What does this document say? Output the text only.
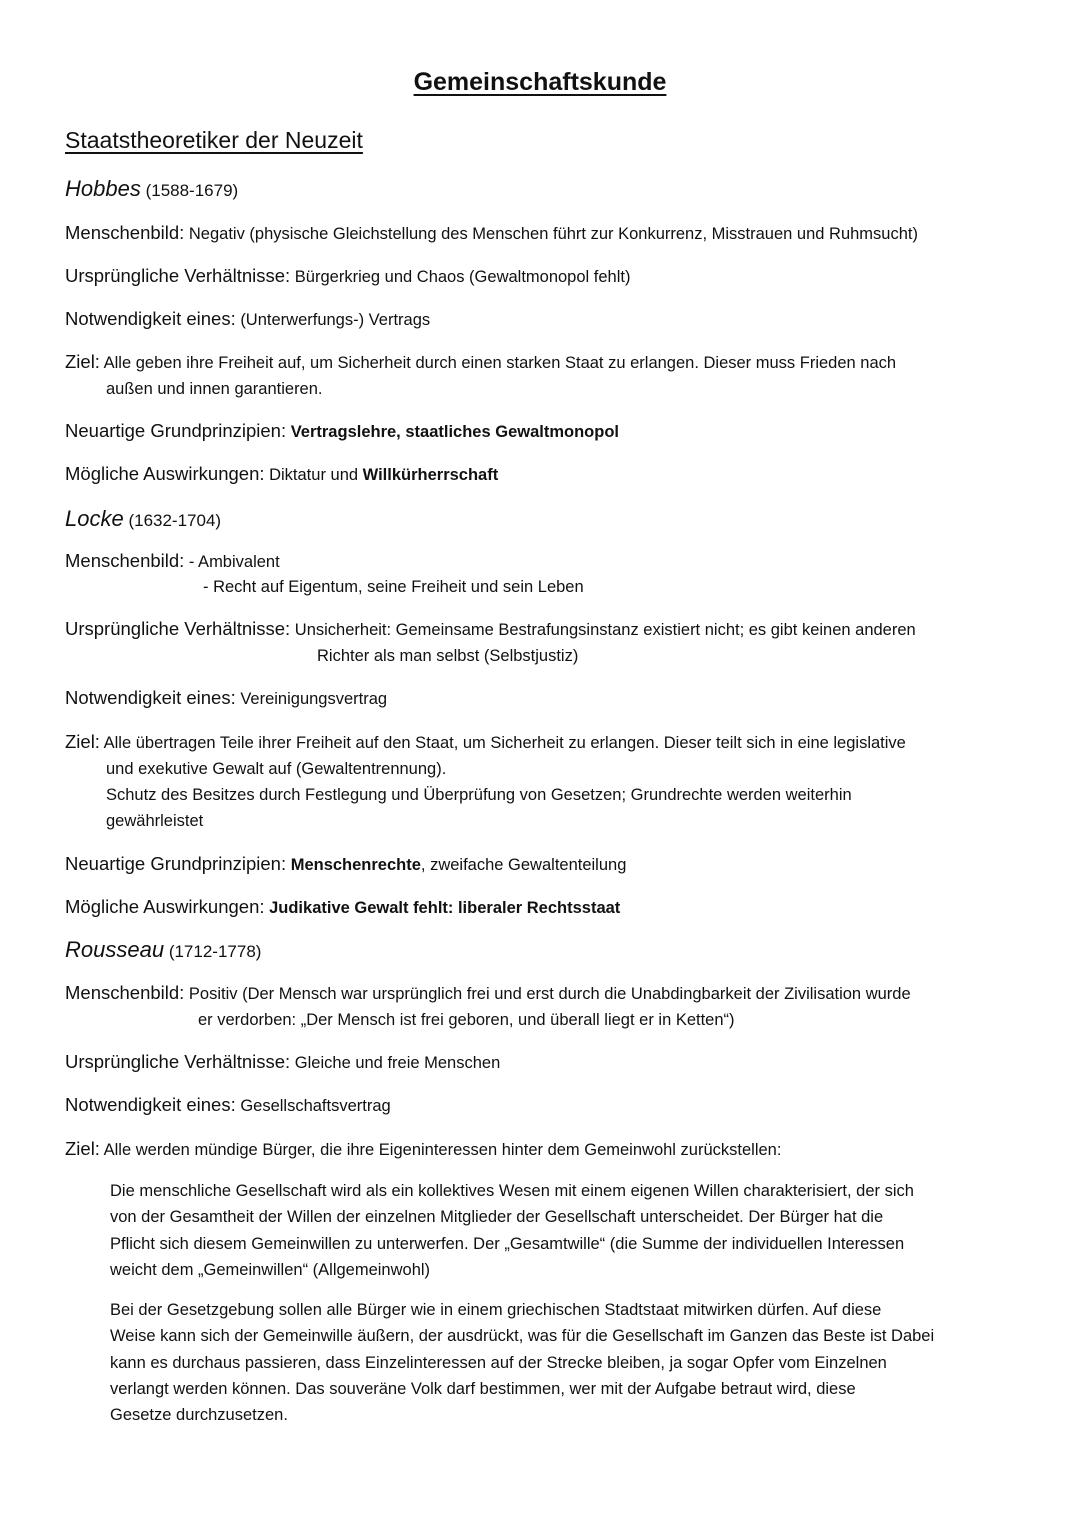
Gemeinschaftskunde
Staatstheoretiker der Neuzeit
Hobbes (1588-1679)
Menschenbild: Negativ (physische Gleichstellung des Menschen führt zur Konkurrenz, Misstrauen und Ruhmsucht)
Ursprüngliche Verhältnisse: Bürgerkrieg und Chaos (Gewaltmonopol fehlt)
Notwendigkeit eines: (Unterwerfungs-) Vertrags
Ziel: Alle geben ihre Freiheit auf, um Sicherheit durch einen starken Staat zu erlangen. Dieser muss Frieden nach
außen und innen garantieren.
Neuartige Grundprinzipien: Vertragslehre, staatliches Gewaltmonopol
Mögliche Auswirkungen: Diktatur und Willkürherrschaft
Locke (1632-1704)
Menschenbild: - Ambivalent
- Recht auf Eigentum, seine Freiheit und sein Leben
Ursprüngliche Verhältnisse: Unsicherheit: Gemeinsame Bestrafungsinstanz existiert nicht; es gibt keinen anderen
Richter als man selbst (Selbstjustiz)
Notwendigkeit eines: Vereinigungsvertrag
Ziel: Alle übertragen Teile ihrer Freiheit auf den Staat, um Sicherheit zu erlangen. Dieser teilt sich in eine legislative
und exekutive Gewalt auf (Gewaltentrennung).
Schutz des Besitzes durch Festlegung und Überprüfung von Gesetzen; Grundrechte werden weiterhin
gewährleistet
Neuartige Grundprinzipien: Menschenrechte, zweifache Gewaltenteilung
Mögliche Auswirkungen: Judikative Gewalt fehlt: liberaler Rechtsstaat
Rousseau (1712-1778)
Menschenbild: Positiv (Der Mensch war ursprünglich frei und erst durch die Unabdingbarkeit der Zivilisation wurde
er verdorben: „Der Mensch ist frei geboren, und überall liegt er in Ketten“)
Ursprüngliche Verhältnisse: Gleiche und freie Menschen
Notwendigkeit eines: Gesellschaftsvertrag
Ziel: Alle werden mündige Bürger, die ihre Eigeninteressen hinter dem Gemeinwohl zurückstellen:
Die menschliche Gesellschaft wird als ein kollektives Wesen mit einem eigenen Willen charakterisiert, der sich
von der Gesamtheit der Willen der einzelnen Mitglieder der Gesellschaft unterscheidet. Der Bürger hat die
Pflicht sich diesem Gemeinwillen zu unterwerfen. Der „Gesamtwille“ (die Summe der individuellen Interessen
weicht dem „Gemeinwillen“ (Allgemeinwohl)
Bei der Gesetzgebung sollen alle Bürger wie in einem griechischen Stadtstaat mitwirken dürfen. Auf diese
Weise kann sich der Gemeinwille äußern, der ausdrückt, was für die Gesellschaft im Ganzen das Beste ist Dabei
kann es durchaus passieren, dass Einzelinteressen auf der Strecke bleiben, ja sogar Opfer vom Einzelnen
verlangt werden können. Das souveräne Volk darf bestimmen, wer mit der Aufgabe betraut wird, diese
Gesetze durchzusetzen.
